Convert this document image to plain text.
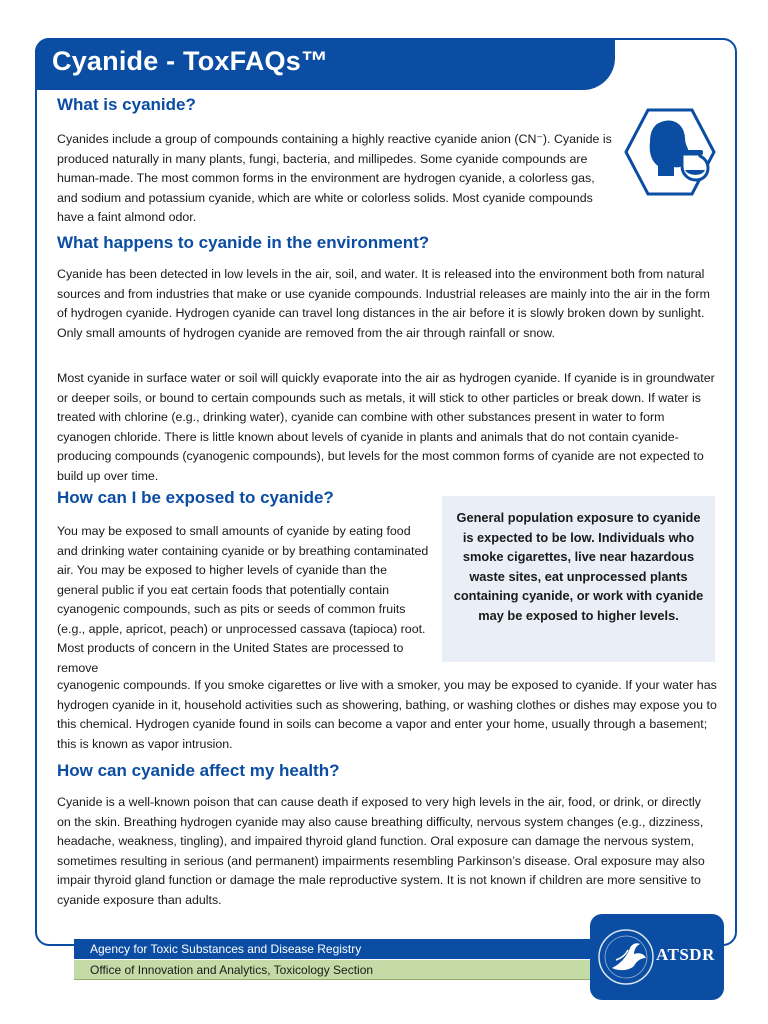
Cyanide - ToxFAQs™
What is cyanide?

Cyanides include a group of compounds containing a highly reactive cyanide anion (CN⁻). Cyanide is produced naturally in many plants, fungi, bacteria, and millipedes. Some cyanide compounds are human-made. The most common forms in the environment are hydrogen cyanide, a colorless gas, and sodium and potassium cyanide, which are white or colorless solids. Most cyanide compounds have a faint almond odor.

What happens to cyanide in the environment?

Cyanide has been detected in low levels in the air, soil, and water. It is released into the environment both from natural sources and from industries that make or use cyanide compounds. Industrial releases are mainly into the air in the form of hydrogen cyanide. Hydrogen cyanide can travel long distances in the air before it is slowly broken down by sunlight. Only small amounts of hydrogen cyanide are removed from the air through rainfall or snow.

Most cyanide in surface water or soil will quickly evaporate into the air as hydrogen cyanide. If cyanide is in groundwater or deeper soils, or bound to certain compounds such as metals, it will stick to other particles or break down. If water is treated with chlorine (e.g., drinking water), cyanide can combine with other substances present in water to form cyanogen chloride. There is little known about levels of cyanide in plants and animals that do not contain cyanide-producing compounds (cyanogenic compounds), but levels for the most common forms of cyanide are not expected to build up over time.

How can I be exposed to cyanide?

You may be exposed to small amounts of cyanide by eating food and drinking water containing cyanide or by breathing contaminated air. You may be exposed to higher levels of cyanide than the general public if you eat certain foods that potentially contain cyanogenic compounds, such as pits or seeds of common fruits (e.g., apple, apricot, peach) or unprocessed cassava (tapioca) root. Most products of concern in the United States are processed to remove

cyanogenic compounds. If you smoke cigarettes or live with a smoker, you may be exposed to cyanide. If your water has hydrogen cyanide in it, household activities such as showering, bathing, or washing clothes or dishes may expose you to this chemical. Hydrogen cyanide found in soils can become a vapor and enter your home, usually through a basement; this is known as vapor intrusion.

General population exposure to cyanide is expected to be low. Individuals who smoke cigarettes, live near hazardous waste sites, eat unprocessed plants containing cyanide, or work with cyanide may be exposed to higher levels.
How can cyanide affect my health?

Cyanide is a well-known poison that can cause death if exposed to very high levels in the air, food, or drink, or directly on the skin. Breathing hydrogen cyanide may also cause breathing difficulty, nervous system changes (e.g., dizziness, headache, weakness, tingling), and impaired thyroid gland function. Oral exposure can damage the nervous system, sometimes resulting in serious (and permanent) impairments resembling Parkinson’s disease. Oral exposure may also impair thyroid gland function or damage the male reproductive system. It is not known if children are more sensitive to cyanide exposure than adults.

Agency for Toxic Substances and Disease Registry
Office of Innovation and Analytics, Toxicology Section
ATSDR
